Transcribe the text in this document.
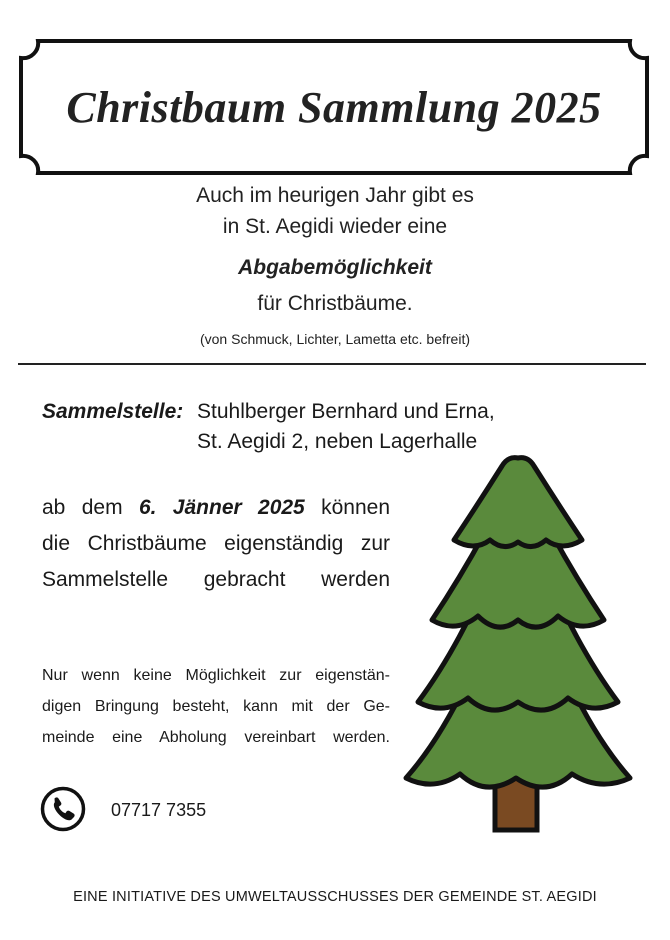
Christbaum Sammlung 2025
Auch im heurigen Jahr gibt es
in St. Aegidi wieder eine
Abgabemöglichkeit
für Christbäume.
(von Schmuck, Lichter, Lametta etc. befreit)
Sammelstelle: Stuhlberger Bernhard und Erna,
St. Aegidi 2, neben Lagerhalle
ab dem 6. Jänner 2025 können
die Christbäume eigenständig zur
Sammelstelle gebracht werden
Nur wenn keine Möglichkeit zur eigenstän-
digen Bringung besteht, kann mit der Ge-
meinde eine Abholung vereinbart werden.
07717 7355
EINE INITIATIVE DES UMWELTAUSSCHUSSES DER GEMEINDE ST. AEGIDI
